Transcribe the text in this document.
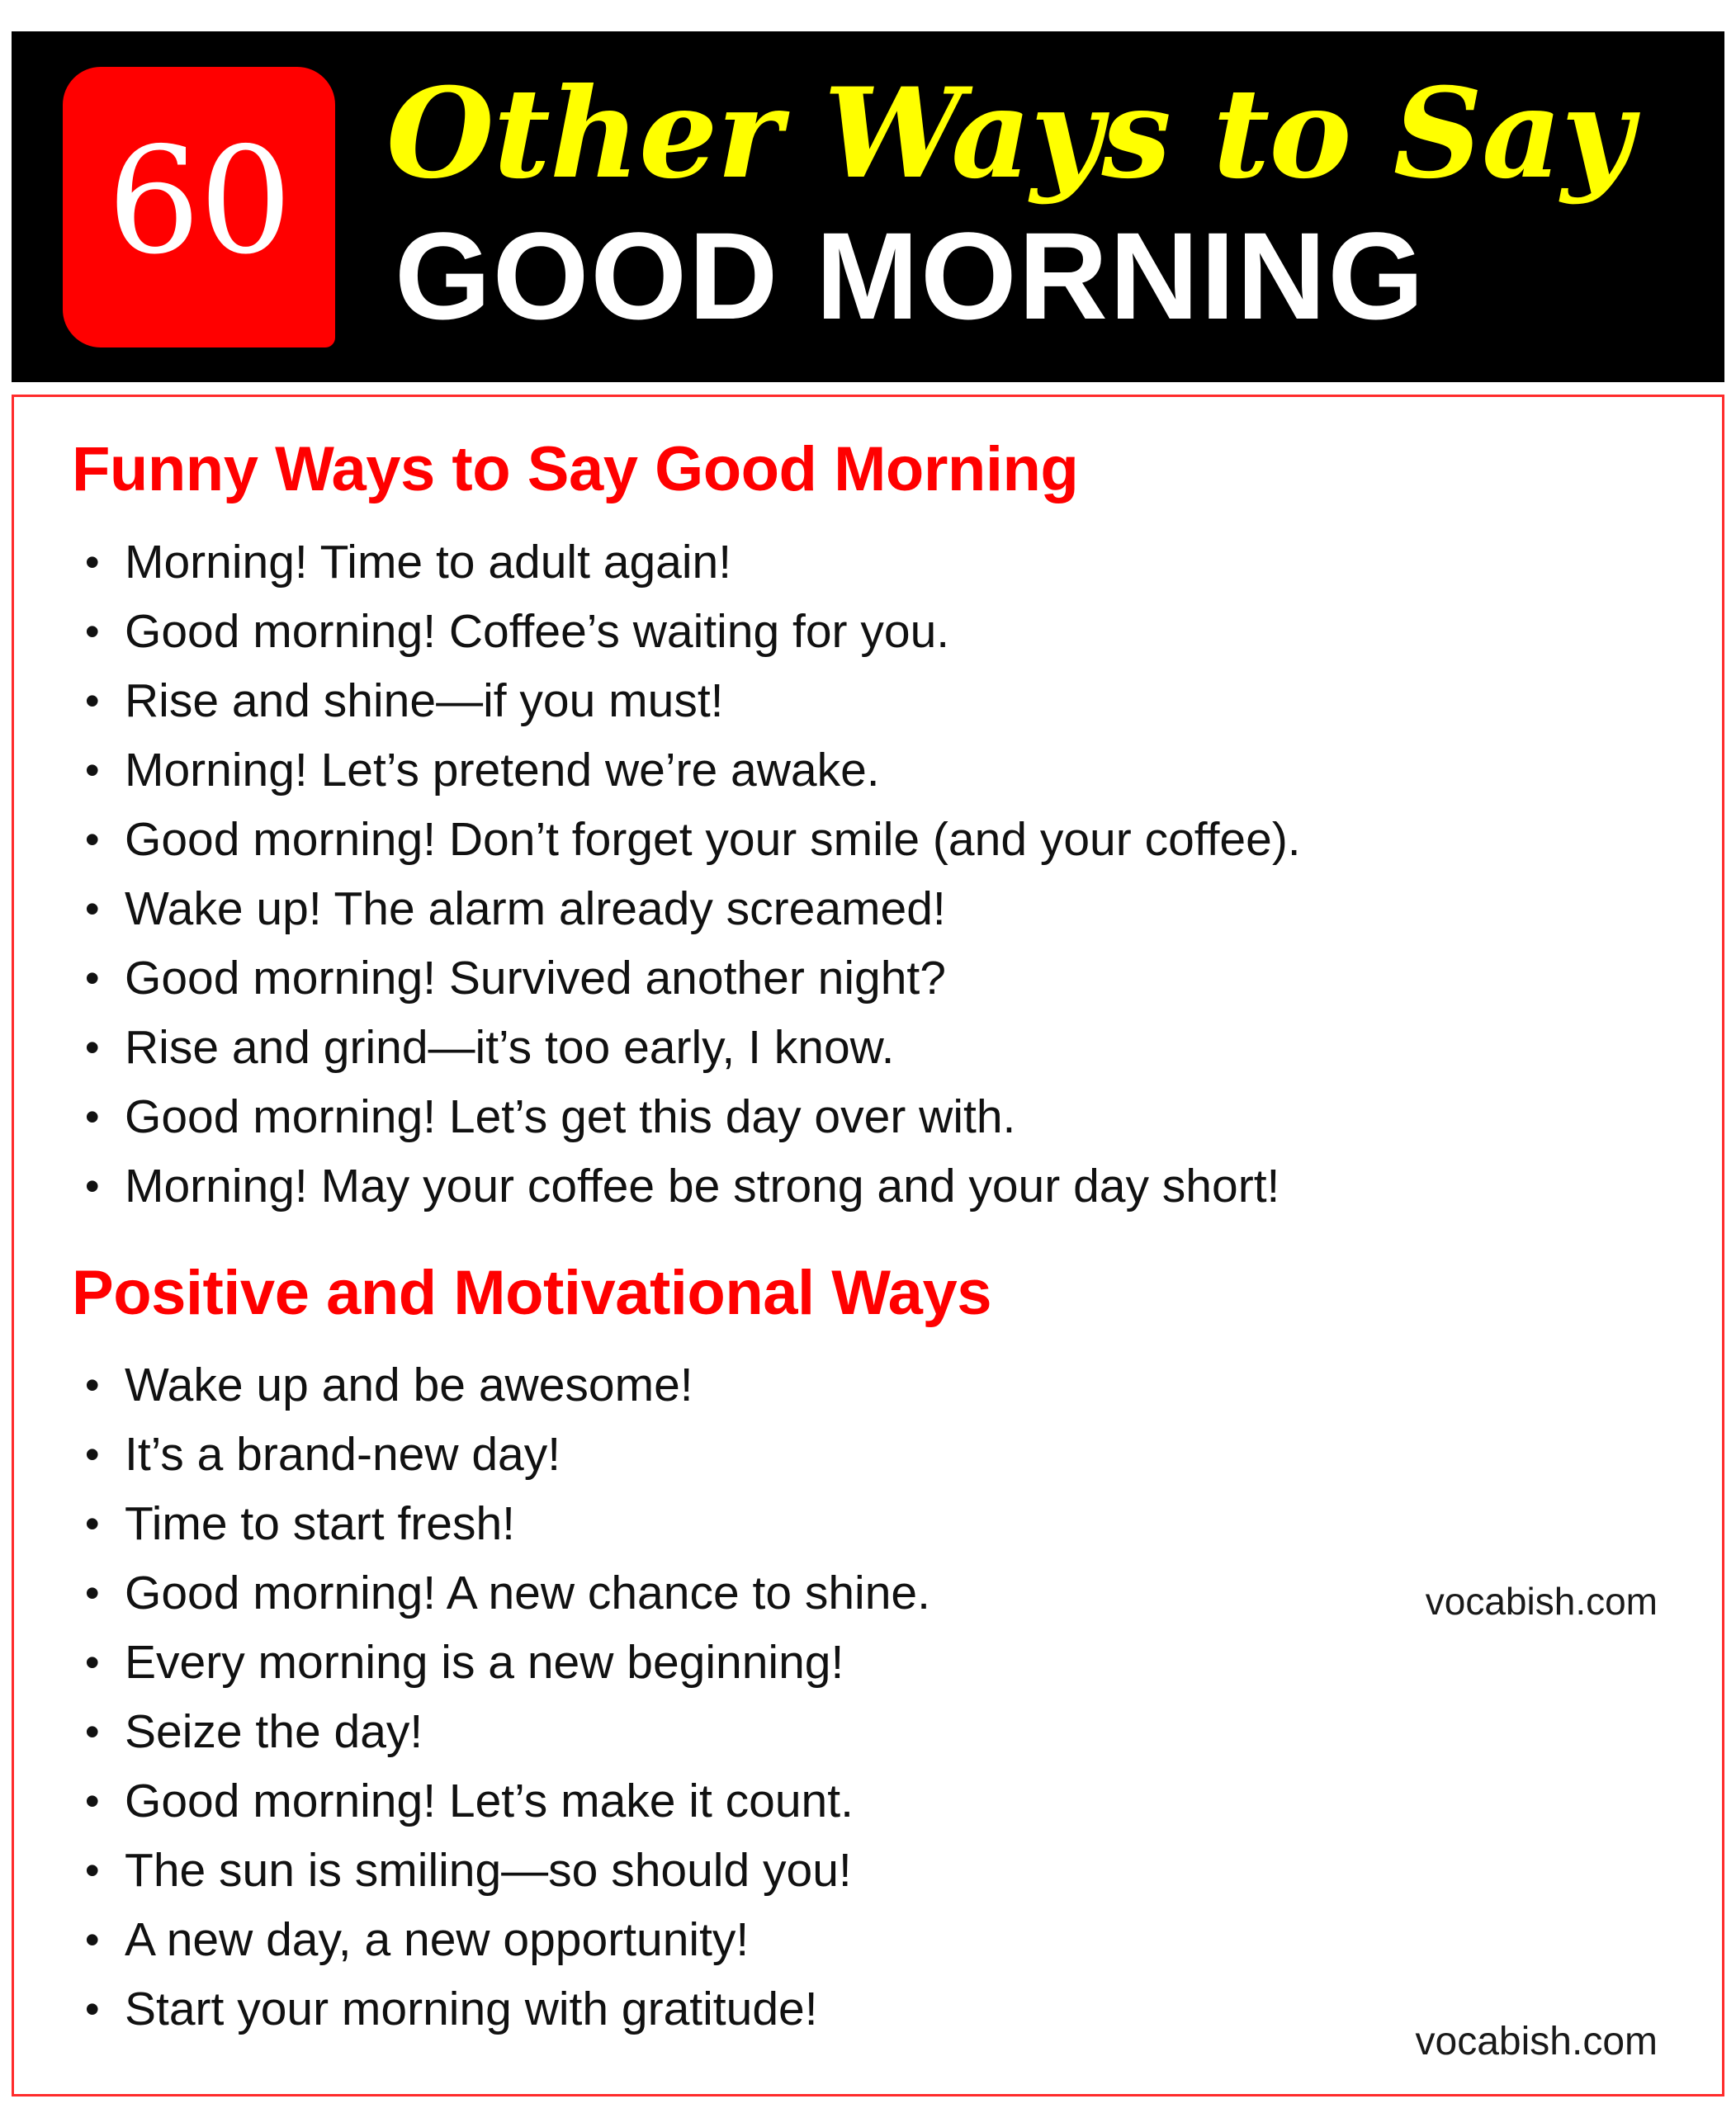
60 Other Ways to Say
GOOD MORNING
Funny Ways to Say Good Morning
• Morning! Time to adult again!
• Good morning! Coffee’s waiting for you.
• Rise and shine—if you must!
• Morning! Let’s pretend we’re awake.
• Good morning! Don’t forget your smile (and your coffee).
• Wake up! The alarm already screamed!
• Good morning! Survived another night?
• Rise and grind—it’s too early, I know.
• Good morning! Let’s get this day over with.
• Morning! May your coffee be strong and your day short!
Positive and Motivational Ways
• Wake up and be awesome!
• It’s a brand-new day!
• Time to start fresh!
• Good morning! A new chance to shine.
• Every morning is a new beginning!
• Seize the day!
• Good morning! Let’s make it count.
• The sun is smiling—so should you!
• A new day, a new opportunity!
• Start your morning with gratitude!
vocabish.com
vocabish.com
